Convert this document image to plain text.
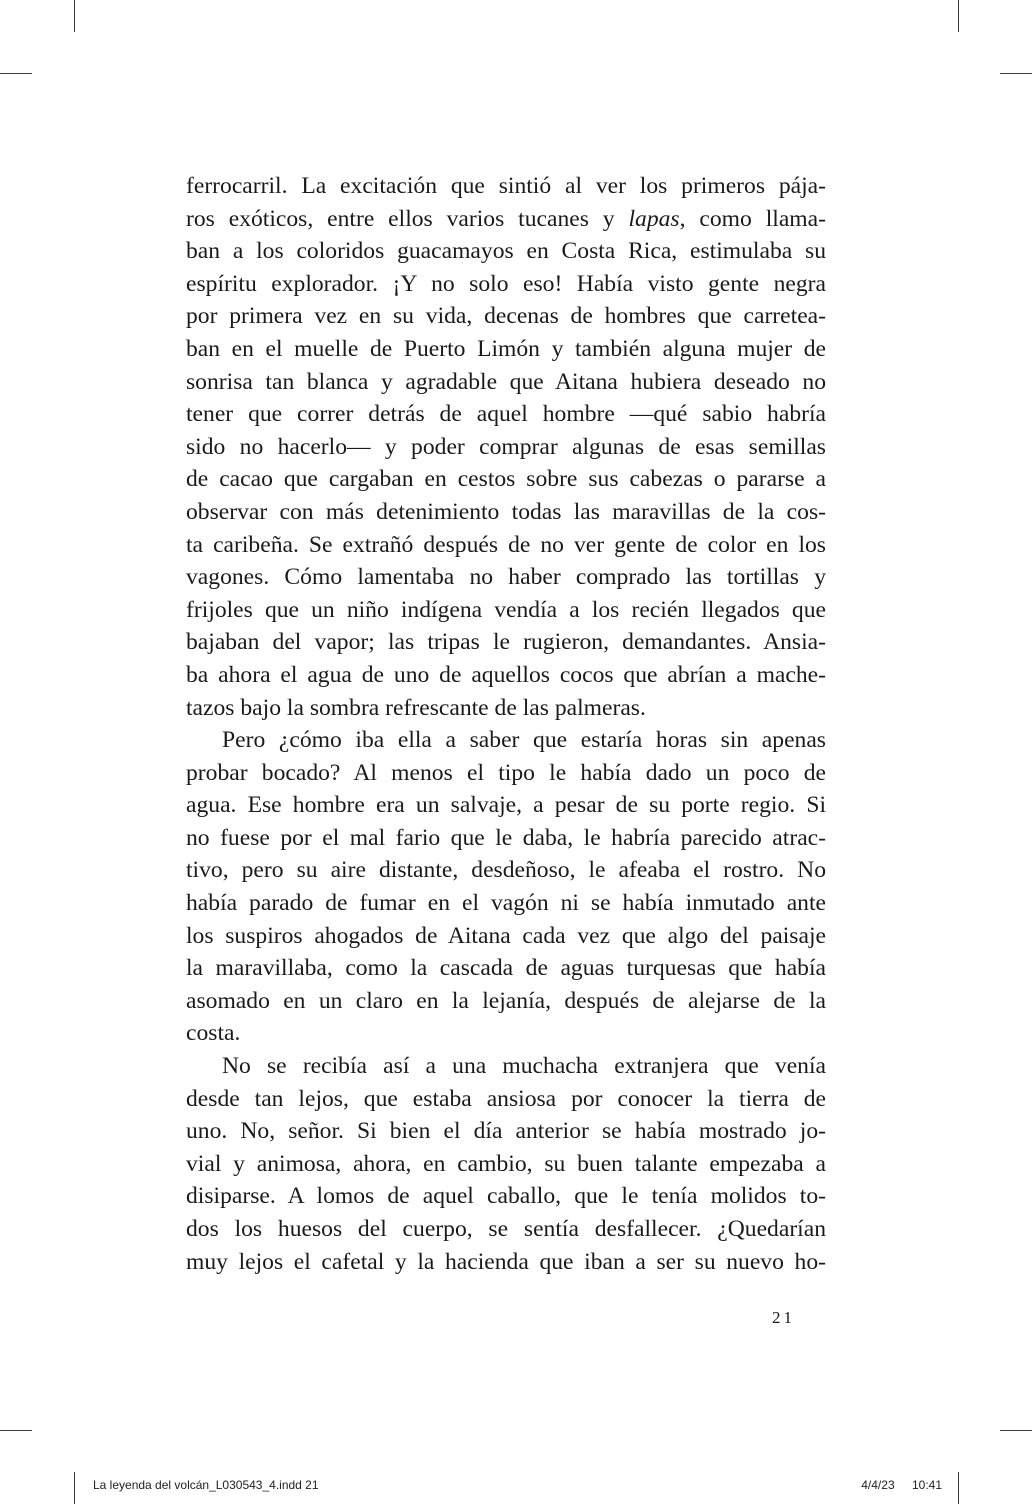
ferrocarril. La excitación que sintió al ver los primeros pája-
ros exóticos, entre ellos varios tucanes y lapas, como llama-
ban a los coloridos guacamayos en Costa Rica, estimulaba su
espíritu explorador. ¡Y no solo eso! Había visto gente negra
por primera vez en su vida, decenas de hombres que carretea-
ban en el muelle de Puerto Limón y también alguna mujer de
sonrisa tan blanca y agradable que Aitana hubiera deseado no
tener que correr detrás de aquel hombre —qué sabio habría
sido no hacerlo— y poder comprar algunas de esas semillas
de cacao que cargaban en cestos sobre sus cabezas o pararse a
observar con más detenimiento todas las maravillas de la cos-
ta caribeña. Se extrañó después de no ver gente de color en los
vagones. Cómo lamentaba no haber comprado las tortillas y
frijoles que un niño indígena vendía a los recién llegados que
bajaban del vapor; las tripas le rugieron, demandantes. Ansia-
ba ahora el agua de uno de aquellos cocos que abrían a mache-
tazos bajo la sombra refrescante de las palmeras.
Pero ¿cómo iba ella a saber que estaría horas sin apenas
probar bocado? Al menos el tipo le había dado un poco de
agua. Ese hombre era un salvaje, a pesar de su porte regio. Si
no fuese por el mal fario que le daba, le habría parecido atrac-
tivo, pero su aire distante, desdeñoso, le afeaba el rostro. No
había parado de fumar en el vagón ni se había inmutado ante
los suspiros ahogados de Aitana cada vez que algo del paisaje
la maravillaba, como la cascada de aguas turquesas que había
asomado en un claro en la lejanía, después de alejarse de la
costa.
No se recibía así a una muchacha extranjera que venía
desde tan lejos, que estaba ansiosa por conocer la tierra de
uno. No, señor. Si bien el día anterior se había mostrado jo-
vial y animosa, ahora, en cambio, su buen talante empezaba a
disiparse. A lomos de aquel caballo, que le tenía molidos to-
dos los huesos del cuerpo, se sentía desfallecer. ¿Quedarían
muy lejos el cafetal y la hacienda que iban a ser su nuevo ho-
21
La leyenda del volcán_L030543_4.indd 21	4/4/23 10:41
